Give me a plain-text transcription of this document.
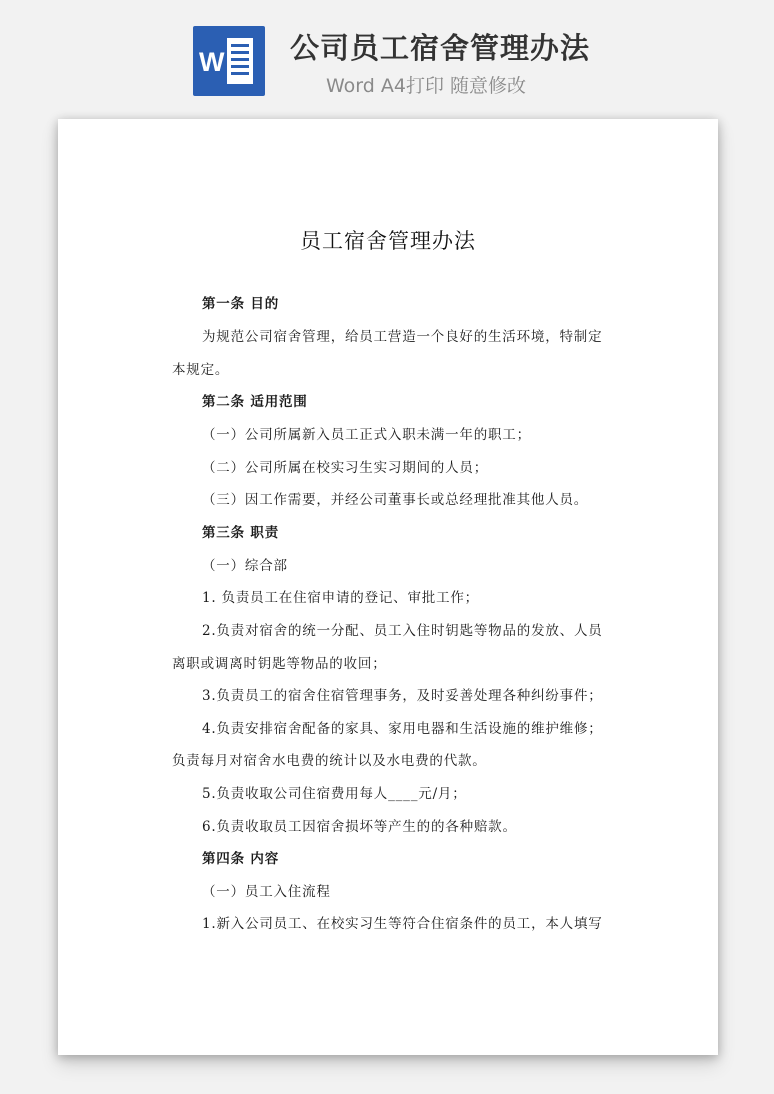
W 公司员工宿舍管理办法
Word A4打印 随意修改
员工宿舍管理办法
第一条 目的
为规范公司宿舍管理，给员工营造一个良好的生活环境，特制定
本规定。
第二条 适用范围
（一）公司所属新入员工正式入职未满一年的职工；
（二）公司所属在校实习生实习期间的人员；
（三）因工作需要，并经公司董事长或总经理批准其他人员。
第三条 职责
（一）综合部
1. 负责员工在住宿申请的登记、审批工作；
2.负责对宿舍的统一分配、员工入住时钥匙等物品的发放、人员
离职或调离时钥匙等物品的收回；
3.负责员工的宿舍住宿管理事务，及时妥善处理各种纠纷事件；
4.负责安排宿舍配备的家具、家用电器和生活设施的维护维修；
负责每月对宿舍水电费的统计以及水电费的代款。
5.负责收取公司住宿费用每人____元/月；
6.负责收取员工因宿舍损坏等产生的的各种赔款。
第四条 内容
（一）员工入住流程
1.新入公司员工、在校实习生等符合住宿条件的员工，本人填写
